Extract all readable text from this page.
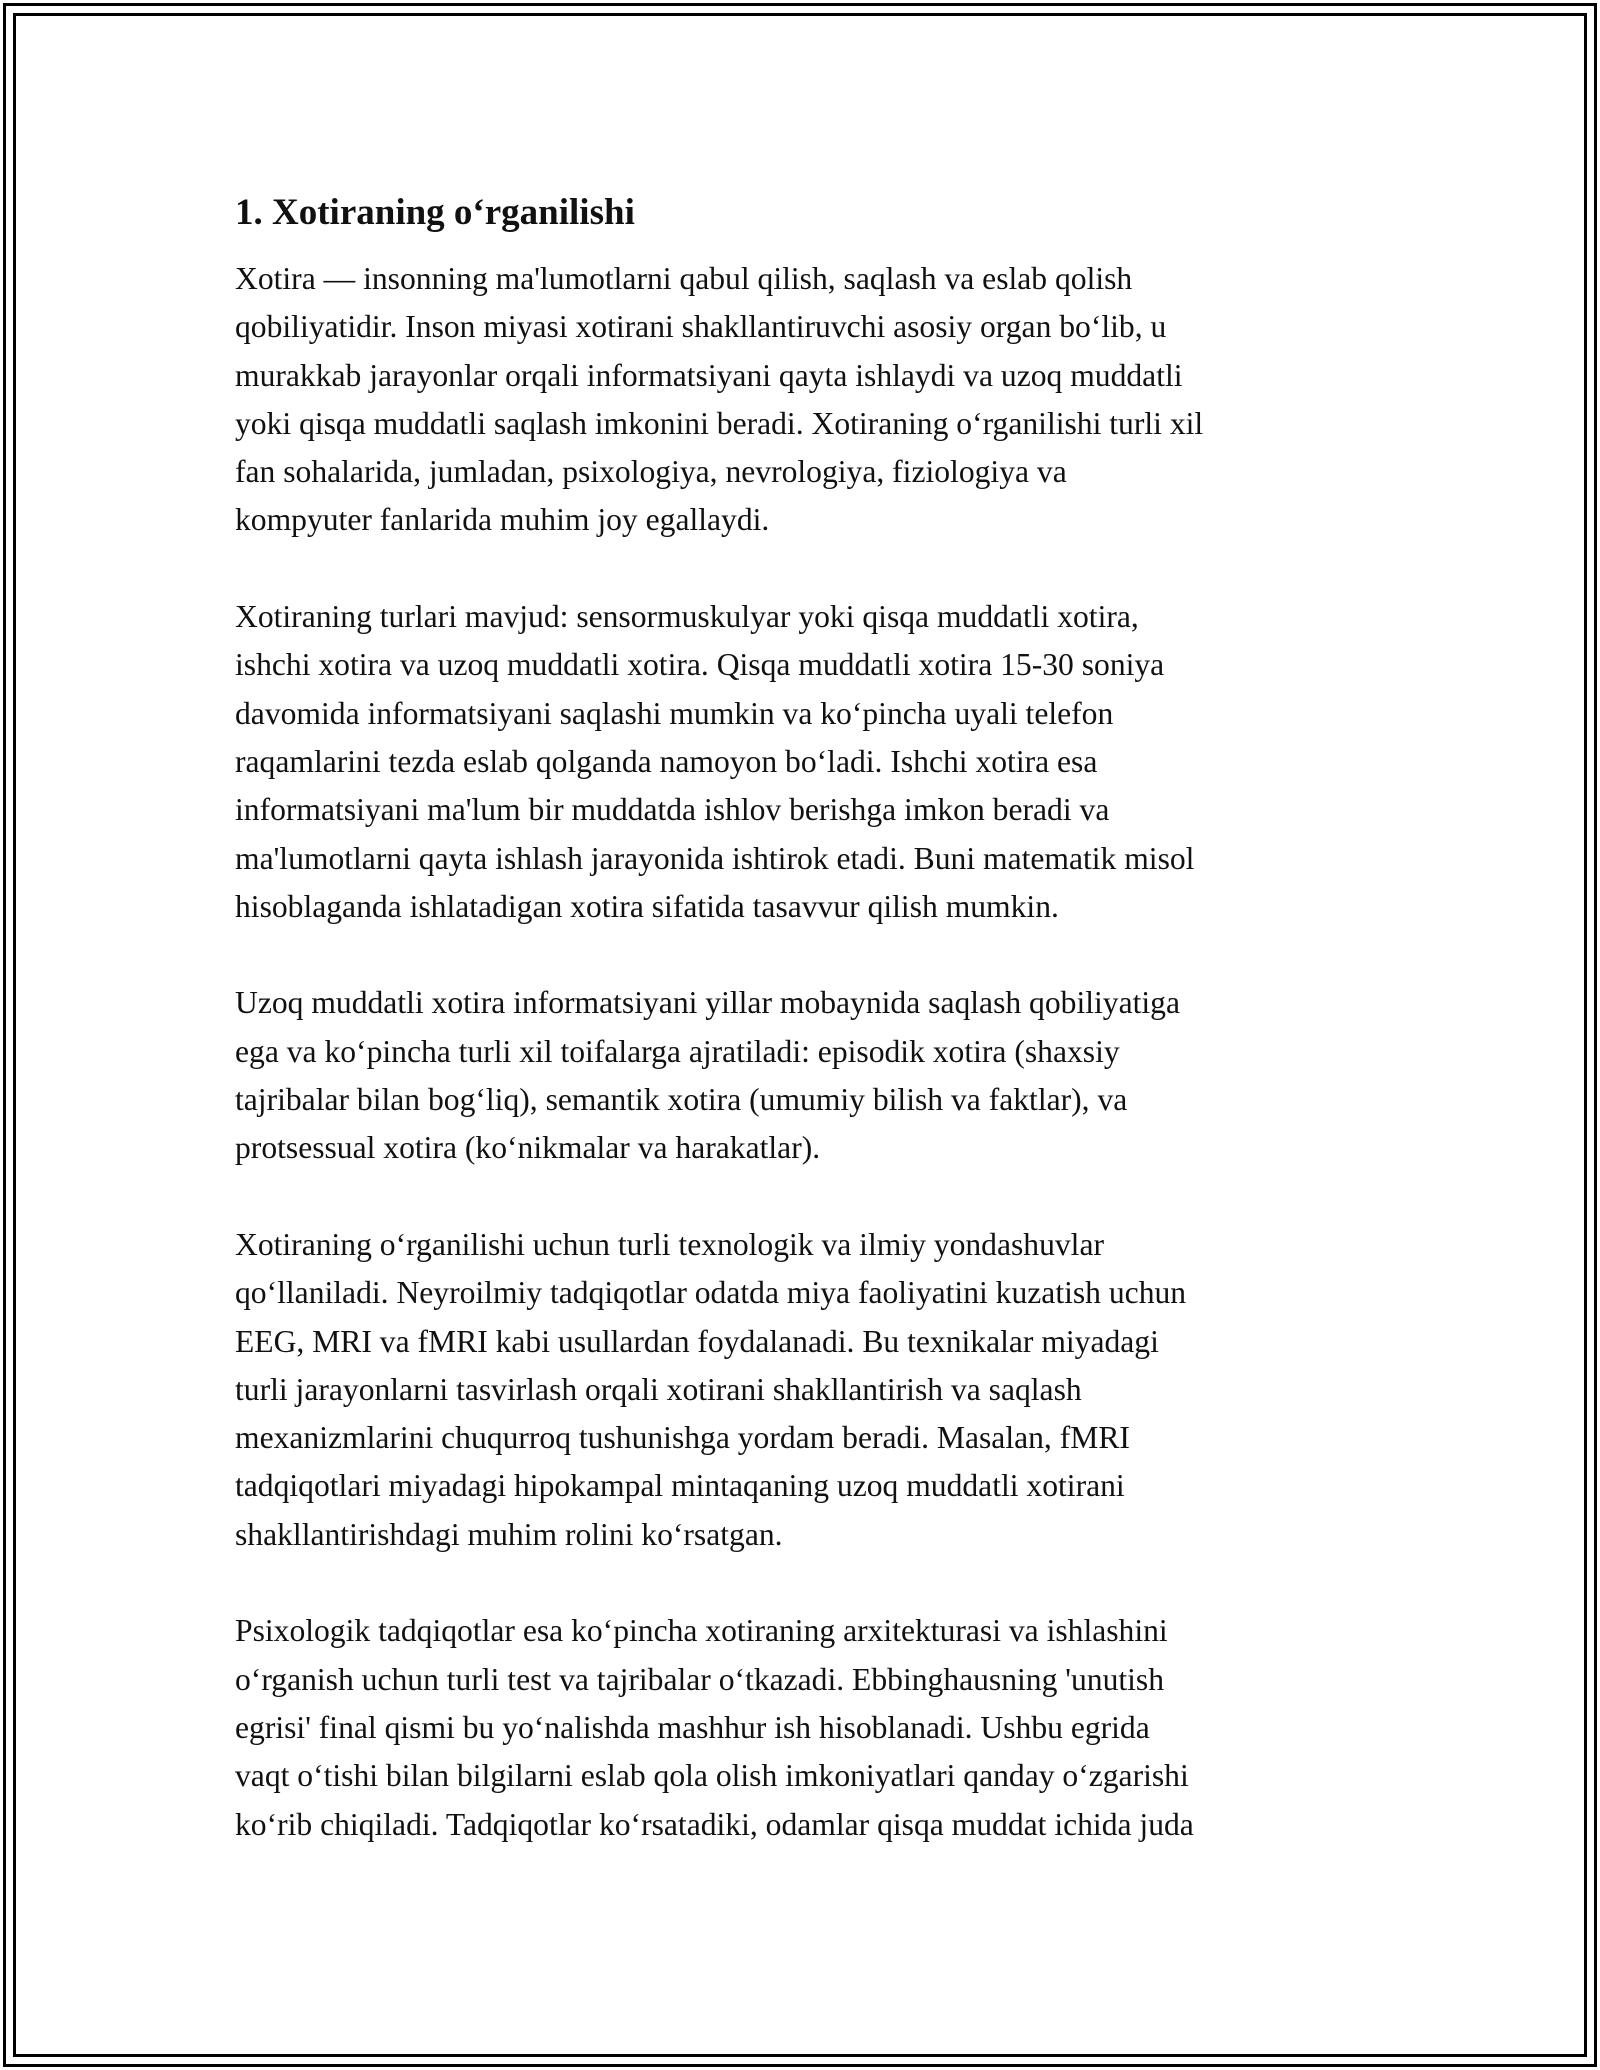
1. Xotiraning o‘rganilishi

Xotira — insonning ma'lumotlarni qabul qilish, saqlash va eslab qolish
qobiliyatidir. Inson miyasi xotirani shakllantiruvchi asosiy organ bo‘lib, u
murakkab jarayonlar orqali informatsiyani qayta ishlaydi va uzoq muddatli
yoki qisqa muddatli saqlash imkonini beradi. Xotiraning o‘rganilishi turli xil
fan sohalarida, jumladan, psixologiya, nevrologiya, fiziologiya va
kompyuter fanlarida muhim joy egallaydi.

Xotiraning turlari mavjud: sensormuskulyar yoki qisqa muddatli xotira,
ishchi xotira va uzoq muddatli xotira. Qisqa muddatli xotira 15-30 soniya
davomida informatsiyani saqlashi mumkin va ko‘pincha uyali telefon
raqamlarini tezda eslab qolganda namoyon bo‘ladi. Ishchi xotira esa
informatsiyani ma'lum bir muddatda ishlov berishga imkon beradi va
ma'lumotlarni qayta ishlash jarayonida ishtirok etadi. Buni matematik misol
hisoblaganda ishlatadigan xotira sifatida tasavvur qilish mumkin.

Uzoq muddatli xotira informatsiyani yillar mobaynida saqlash qobiliyatiga
ega va ko‘pincha turli xil toifalarga ajratiladi: episodik xotira (shaxsiy
tajribalar bilan bog‘liq), semantik xotira (umumiy bilish va faktlar), va
protsessual xotira (ko‘nikmalar va harakatlar).

Xotiraning o‘rganilishi uchun turli texnologik va ilmiy yondashuvlar
qo‘llaniladi. Neyroilmiy tadqiqotlar odatda miya faoliyatini kuzatish uchun
EEG, MRI va fMRI kabi usullardan foydalanadi. Bu texnikalar miyadagi
turli jarayonlarni tasvirlash orqali xotirani shakllantirish va saqlash
mexanizmlarini chuqurroq tushunishga yordam beradi. Masalan, fMRI
tadqiqotlari miyadagi hipokampal mintaqaning uzoq muddatli xotirani
shakllantirishdagi muhim rolini ko‘rsatgan.

Psixologik tadqiqotlar esa ko‘pincha xotiraning arxitekturasi va ishlashini
o‘rganish uchun turli test va tajribalar o‘tkazadi. Ebbinghausning 'unutish
egrisi' final qismi bu yo‘nalishda mashhur ish hisoblanadi. Ushbu egrida
vaqt o‘tishi bilan bilgilarni eslab qola olish imkoniyatlari qanday o‘zgarishi
ko‘rib chiqiladi. Tadqiqotlar ko‘rsatadiki, odamlar qisqa muddat ichida juda
